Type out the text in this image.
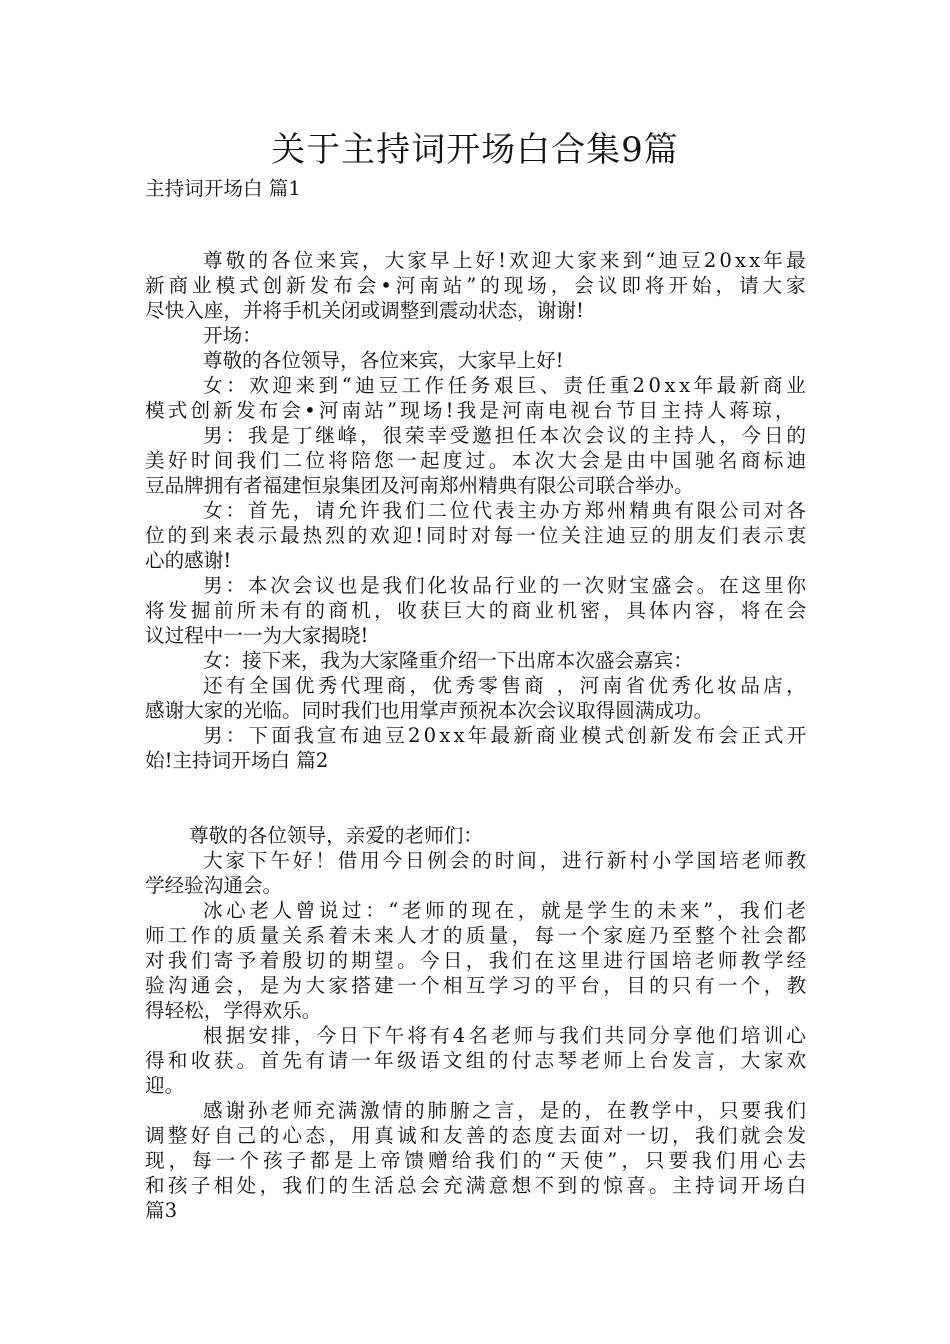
关于主持词开场白合集9篇
主持词开场白 篇1
尊敬的各位来宾，大家早上好!欢迎大家来到“迪豆20xx年最
新商业模式创新发布会•河南站”的现场，会议即将开始，请大家
尽快入座，并将手机关闭或调整到震动状态，谢谢!
开场：
尊敬的各位领导，各位来宾，大家早上好!
女：欢迎来到“迪豆工作任务艰巨、责任重20xx年最新商业
模式创新发布会•河南站”现场!我是河南电视台节目主持人蒋琼，
男：我是丁继峰，很荣幸受邀担任本次会议的主持人，今日的
美好时间我们二位将陪您一起度过。本次大会是由中国驰名商标迪
豆品牌拥有者福建恒泉集团及河南郑州精典有限公司联合举办。
女：首先，请允许我们二位代表主办方郑州精典有限公司对各
位的到来表示最热烈的欢迎!同时对每一位关注迪豆的朋友们表示衷
心的感谢!
男：本次会议也是我们化妆品行业的一次财宝盛会。在这里你
将发掘前所未有的商机，收获巨大的商业机密，具体内容，将在会
议过程中一一为大家揭晓!
女：接下来，我为大家隆重介绍一下出席本次盛会嘉宾：
还有全国优秀代理商，优秀零售商 ，河南省优秀化妆品店，
感谢大家的光临。同时我们也用掌声预祝本次会议取得圆满成功。
男：下面我宣布迪豆20xx年最新商业模式创新发布会正式开
始!主持词开场白 篇2
尊敬的各位领导，亲爱的老师们：
大家下午好！借用今日例会的时间，进行新村小学国培老师教
学经验沟通会。
冰心老人曾说过：“老师的现在，就是学生的未来”，我们老
师工作的质量关系着未来人才的质量，每一个家庭乃至整个社会都
对我们寄予着殷切的期望。今日，我们在这里进行国培老师教学经
验沟通会，是为大家搭建一个相互学习的平台，目的只有一个，教
得轻松，学得欢乐。
根据安排，今日下午将有4名老师与我们共同分享他们培训心
得和收获。首先有请一年级语文组的付志琴老师上台发言，大家欢
迎。
感谢孙老师充满激情的肺腑之言，是的，在教学中，只要我们
调整好自己的心态，用真诚和友善的态度去面对一切，我们就会发
现，每一个孩子都是上帝馈赠给我们的“天使”，只要我们用心去
和孩子相处，我们的生活总会充满意想不到的惊喜。主持词开场白
篇3
